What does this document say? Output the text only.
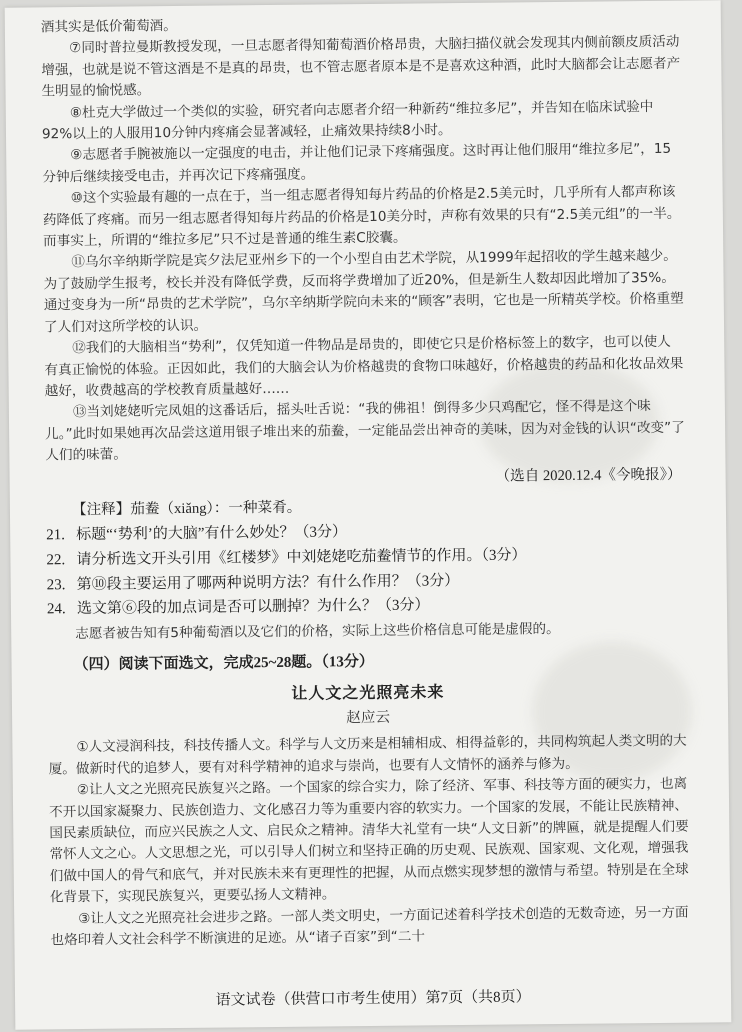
酒其实是低价葡萄酒。

⑦同时普拉曼斯教授发现，一旦志愿者得知葡萄酒价格昂贵，大脑扫描仪就会发现其内侧前额皮质活动增强，也就是说不管这酒是不是真的昂贵，也不管志愿者原本是不是喜欢这种酒，此时大脑都会让志愿者产生明显的愉悦感。

⑧杜克大学做过一个类似的实验，研究者向志愿者介绍一种新药“维拉多尼”，并告知在临床试验中92%以上的人服用10分钟内疼痛会显著减轻，止痛效果持续8小时。

⑨志愿者手腕被施以一定强度的电击，并让他们记录下疼痛强度。这时再让他们服用“维拉多尼”，15分钟后继续接受电击，并再次记下疼痛强度。

⑩这个实验最有趣的一点在于，当一组志愿者得知每片药品的价格是2.5美元时，几乎所有人都声称该药降低了疼痛。而另一组志愿者得知每片药品的价格是10美分时，声称有效果的只有“2.5美元组”的一半。而事实上，所谓的“维拉多尼”只不过是普通的维生素C胶囊。

⑪乌尔辛纳斯学院是宾夕法尼亚州乡下的一个小型自由艺术学院，从1999年起招收的学生越来越少。为了鼓励学生报考，校长并没有降低学费，反而将学费增加了近20%，但是新生人数却因此增加了35%。通过变身为一所“昂贵的艺术学院”，乌尔辛纳斯学院向未来的“顾客”表明，它也是一所精英学校。价格重塑了人们对这所学校的认识。

⑫我们的大脑相当“势利”，仅凭知道一件物品是昂贵的，即使它只是价格标签上的数字，也可以使人有真正愉悦的体验。正因如此，我们的大脑会认为价格越贵的食物口味越好，价格越贵的药品和化妆品效果越好，收费越高的学校教育质量越好……

⑬当刘姥姥听完凤姐的这番话后，摇头吐舌说：“我的佛祖！倒得多少只鸡配它，怪不得是这个味儿。”此时如果她再次品尝这道用银子堆出来的茄鲞，一定能品尝出神奇的美味，因为对金钱的认识“改变”了人们的味蕾。

（选自 2020.12.4《今晚报》）
【注释】茄鲞（xiǎng）：一种菜肴。
21. 标题“‘势利’的大脑”有什么妙处？（3分）
22. 请分析选文开头引用《红楼梦》中刘姥姥吃茄鲞情节的作用。（3分）
23. 第⑩段主要运用了哪两种说明方法？有什么作用？（3分）
24. 选文第⑥段的加点词是否可以删掉？为什么？（3分）
志愿者被告知有5种葡萄酒以及它们的价格，实际上这些价格信息可能是虚假的。
（四）阅读下面选文，完成25~28题。（13分）
让人文之光照亮未来
赵应云

①人文浸润科技，科技传播人文。科学与人文历来是相辅相成、相得益彰的，共同构筑起人类文明的大厦。做新时代的追梦人，要有对科学精神的追求与崇尚，也要有人文情怀的涵养与修为。

②让人文之光照亮民族复兴之路。一个国家的综合实力，除了经济、军事、科技等方面的硬实力，也离不开以国家凝聚力、民族创造力、文化感召力等为重要内容的软实力。一个国家的发展，不能让民族精神、国民素质缺位，而应兴民族之人文、启民众之精神。清华大礼堂有一块“人文日新”的牌匾，就是提醒人们要常怀人文之心。人文思想之光，可以引导人们树立和坚持正确的历史观、民族观、国家观、文化观，增强我们做中国人的骨气和底气，并对民族未来有更理性的把握，从而点燃实现梦想的激情与希望。特别是在全球化背景下，实现民族复兴，更要弘扬人文精神。

③让人文之光照亮社会进步之路。一部人类文明史，一方面记述着科学技术创造的无数奇迹，另一方面也烙印着人文社会科学不断演进的足迹。从“诸子百家”到“二十

语文试卷（供营口市考生使用）第7页（共8页）
